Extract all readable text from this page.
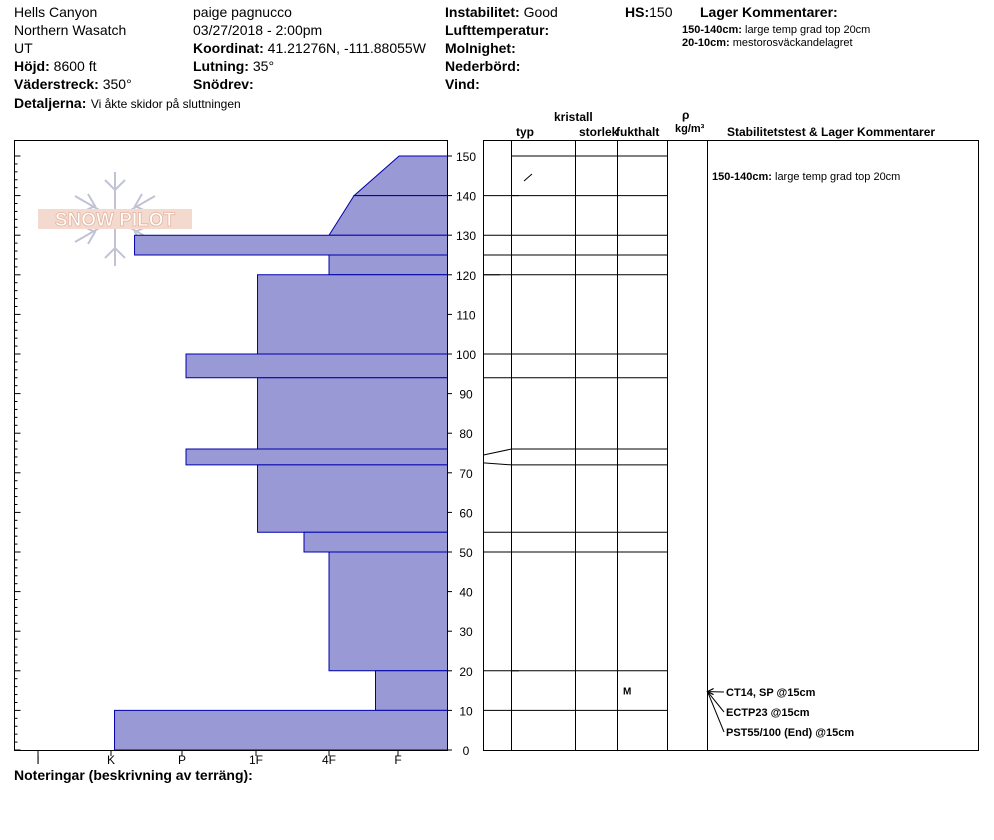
Hells Canyon
Northern Wasatch
UT
Höjd: 8600 ft
Väderstreck: 350°
Detaljerna: Vi åkte skidor på sluttningen
paige pagnucco
03/27/2018 - 2:00pm
Koordinat: 41.21276N, -111.88055W
Lutning: 35°
Snödrev:
Instabilitet: Good
Lufttemperatur:
Molnighet:
Nederbörd:
Vind:
HS:150 Lager Kommentarer:
150-140cm: large temp grad top 20cm
20-10cm: mestorosväckandelagret
kristall
typ	storlek
fukthalt
ρ
kg/m³ Stabilitetstest & Lager Kommentarer
Noteringar (beskrivning av terräng):
SNOW PILOT
0
10
20
30
40
50
60
70
80
90
100
110
120
130
140
150
I	K	P	1F	4F	F
M
150-140cm: large temp grad top 20cm
CT14, SP @15cm
ECTP23 @15cm
PST55/100 (End) @15cm
